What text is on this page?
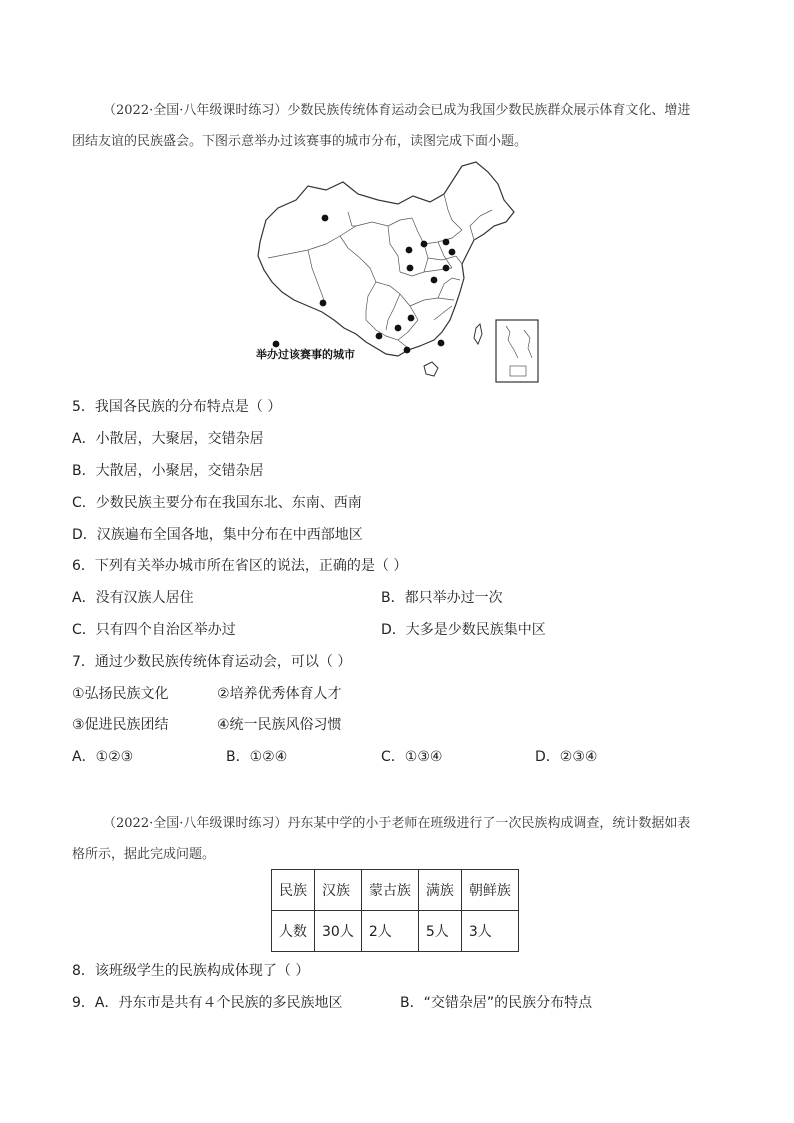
（2022·全国·八年级课时练习）少数民族传统体育运动会已成为我国少数民族群众展示体育文化、增进
团结友谊的民族盛会。下图示意举办过该赛事的城市分布，读图完成下面小题。
举办过该赛事的城市
5．我国各民族的分布特点是（ ）
A．小散居，大聚居，交错杂居
B．大散居，小聚居，交错杂居
C．少数民族主要分布在我国东北、东南、西南
D．汉族遍布全国各地，集中分布在中西部地区
6．下列有关举办城市所在省区的说法，正确的是（ ）
A．没有汉族人居住	B．都只举办过一次
C．只有四个自治区举办过	D．大多是少数民族集中区
7．通过少数民族传统体育运动会，可以（ ）
①弘扬民族文化	②培养优秀体育人才
③促进民族团结	④统一民族风俗习惯
A．①②③	B．①②④	C．①③④	D．②③④
（2022·全国·八年级课时练习）丹东某中学的小于老师在班级进行了一次民族构成调查，统计数据如表
格所示，据此完成问题。
民族	汉族	蒙古族	满族	朝鲜族
人数	30人	2人	5人	3人
8．该班级学生的民族构成体现了（ ）
9．A．丹东市是共有４个民族的多民族地区	B．“交错杂居”的民族分布特点
